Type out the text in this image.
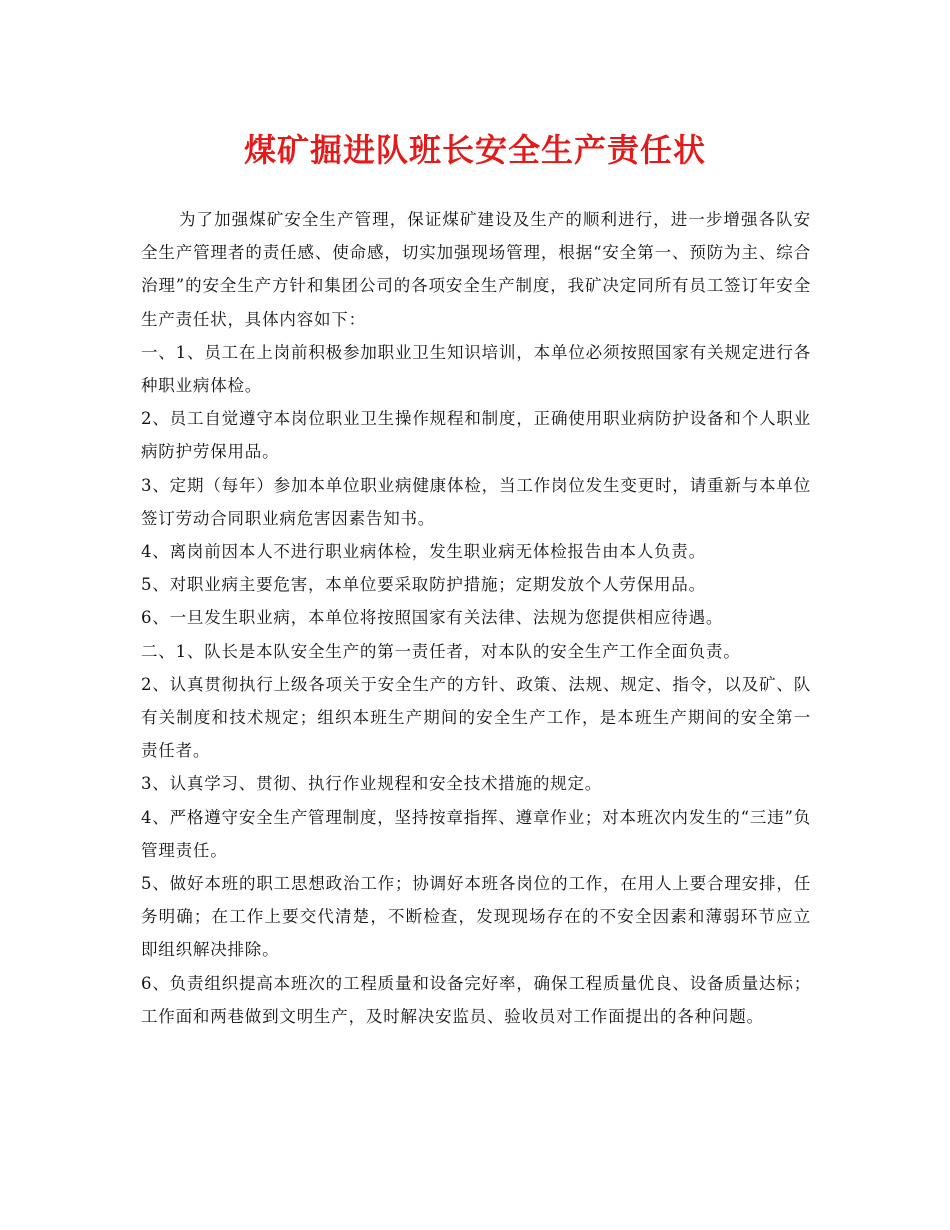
煤矿掘进队班长安全生产责任状

为了加强煤矿安全生产管理，保证煤矿建设及生产的顺利进行，进一步增强各队安全生产管理者的责任感、使命感，切实加强现场管理，根据“安全第一、预防为主、综合治理”的安全生产方针和集团公司的各项安全生产制度，我矿决定同所有员工签订年安全生产责任状，具体内容如下：

一、1、员工在上岗前积极参加职业卫生知识培训，本单位必须按照国家有关规定进行各种职业病体检。

2、员工自觉遵守本岗位职业卫生操作规程和制度，正确使用职业病防护设备和个人职业病防护劳保用品。

3、定期（每年）参加本单位职业病健康体检，当工作岗位发生变更时，请重新与本单位签订劳动合同职业病危害因素告知书。

4、离岗前因本人不进行职业病体检，发生职业病无体检报告由本人负责。

5、对职业病主要危害，本单位要采取防护措施；定期发放个人劳保用品。

6、一旦发生职业病，本单位将按照国家有关法律、法规为您提供相应待遇。

二、1、队长是本队安全生产的第一责任者，对本队的安全生产工作全面负责。

2、认真贯彻执行上级各项关于安全生产的方针、政策、法规、规定、指令，以及矿、队有关制度和技术规定；组织本班生产期间的安全生产工作，是本班生产期间的安全第一责任者。

3、认真学习、贯彻、执行作业规程和安全技术措施的规定。

4、严格遵守安全生产管理制度，坚持按章指挥、遵章作业；对本班次内发生的“三违”负管理责任。

5、做好本班的职工思想政治工作；协调好本班各岗位的工作，在用人上要合理安排，任务明确；在工作上要交代清楚，不断检查，发现现场存在的不安全因素和薄弱环节应立即组织解决排除。

6、负责组织提高本班次的工程质量和设备完好率，确保工程质量优良、设备质量达标；工作面和两巷做到文明生产，及时解决安监员、验收员对工作面提出的各种问题。
